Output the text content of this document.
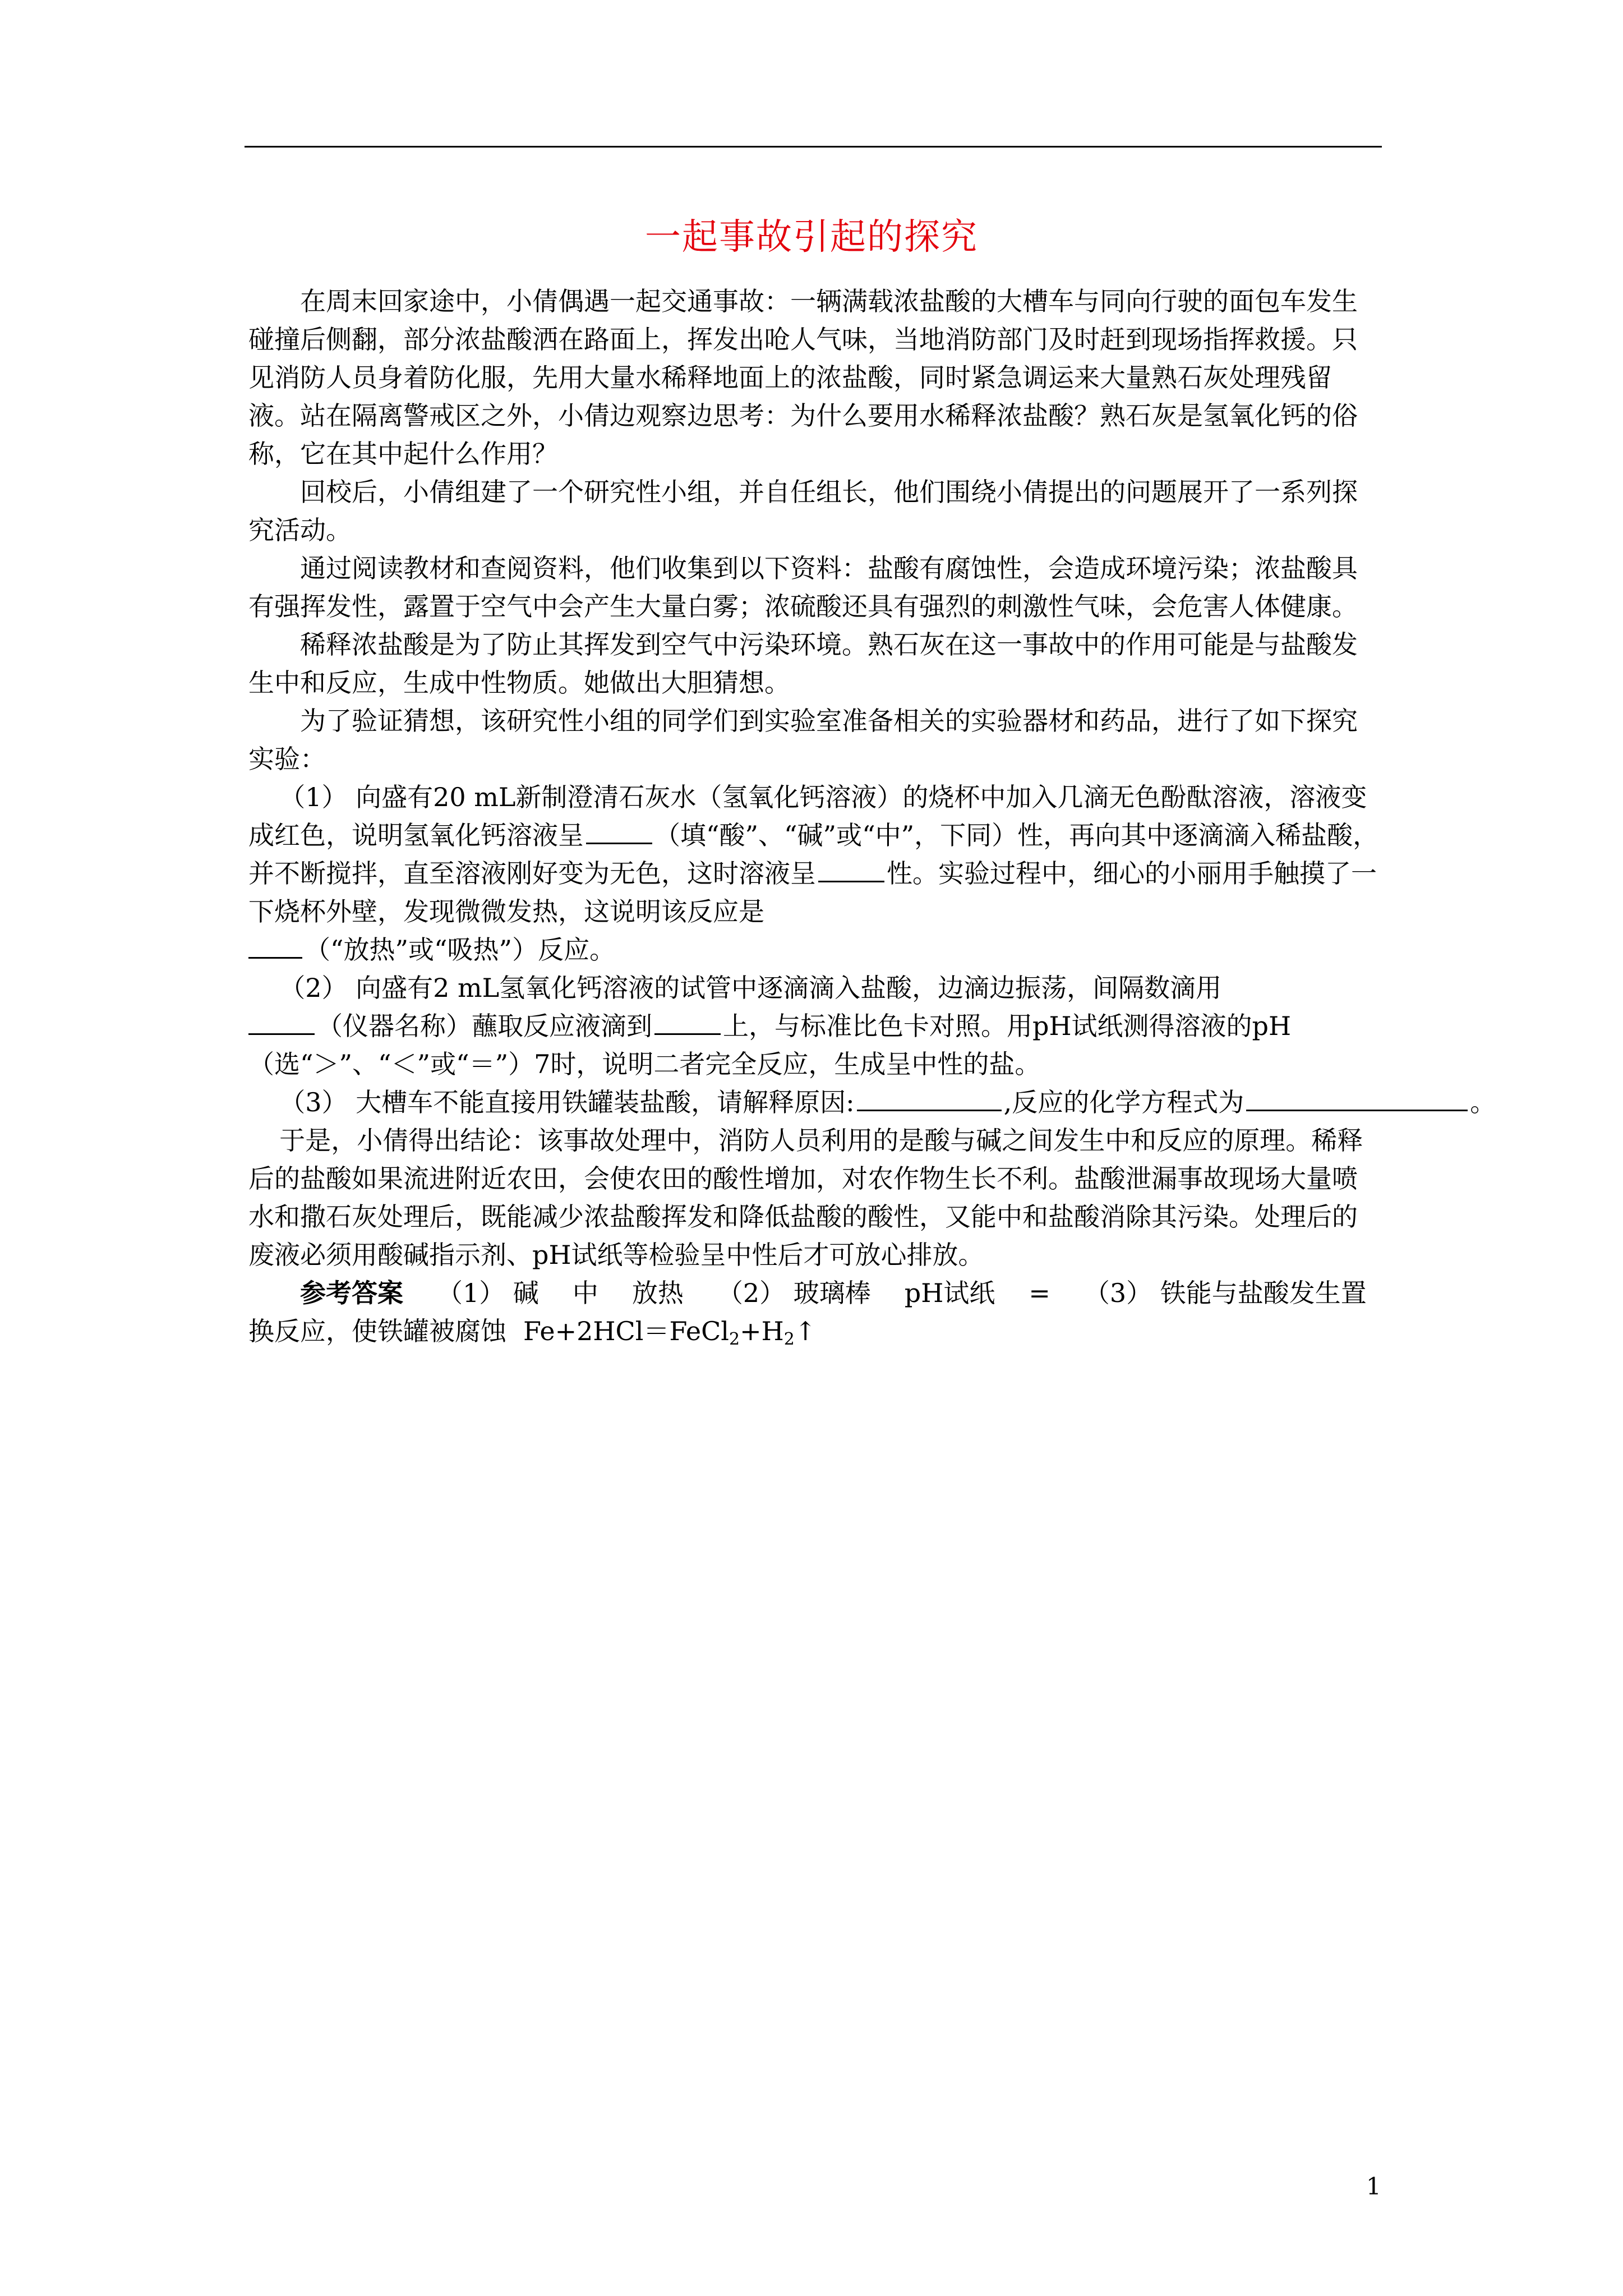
一起事故引起的探究

在周末回家途中，小倩偶遇一起交通事故：一辆满载浓盐酸的大槽车与同向行驶的面包车发生碰撞后侧翻，部分浓盐酸洒在路面上，挥发出呛人气味，当地消防部门及时赶到现场指挥救援。只见消防人员身着防化服，先用大量水稀释地面上的浓盐酸，同时紧急调运来大量熟石灰处理残留液。站在隔离警戒区之外，小倩边观察边思考：为什么要用水稀释浓盐酸？熟石灰是氢氧化钙的俗称，它在其中起什么作用？

回校后，小倩组建了一个研究性小组，并自任组长，他们围绕小倩提出的问题展开了一系列探究活动。

通过阅读教材和查阅资料，他们收集到以下资料：盐酸有腐蚀性，会造成环境污染；浓盐酸具有强挥发性，露置于空气中会产生大量白雾；浓硫酸还具有强烈的刺激性气味，会危害人体健康。

稀释浓盐酸是为了防止其挥发到空气中污染环境。熟石灰在这一事故中的作用可能是与盐酸发生中和反应，生成中性物质。她做出大胆猜想。

为了验证猜想，该研究性小组的同学们到实验室准备相关的实验器材和药品，进行了如下探究实验：

（1） 向盛有20 mL新制澄清石灰水（氢氧化钙溶液）的烧杯中加入几滴无色酚酞溶液，溶液变成红色，说明氢氧化钙溶液呈	（填“酸”、“碱”或“中”，下同）性，再向其中逐滴滴入稀盐酸，并不断搅拌，直至溶液刚好变为无色，这时溶液呈	性。实验过程中，细心的小丽用手触摸了一下烧杯外壁，发现微微发热，这说明该反应是
（“放热”或“吸热”）反应。

（2） 向盛有2 mL氢氧化钙溶液的试管中逐滴滴入盐酸，边滴边振荡，间隔数滴用
（仪器名称）蘸取反应液滴到	上，与标准比色卡对照。用pH试纸测得溶液的pH（选“＞”、“＜”或“＝”）7时，说明二者完全反应，生成呈中性的盐。

（3） 大槽车不能直接用铁罐装盐酸，请解释原因:	,反应的化学方程式为	。

于是，小倩得出结论：该事故处理中，消防人员利用的是酸与碱之间发生中和反应的原理。稀释后的盐酸如果流进附近农田，会使农田的酸性增加，对农作物生长不利。盐酸泄漏事故现场大量喷水和撒石灰处理后，既能减少浓盐酸挥发和降低盐酸的酸性，又能中和盐酸消除其污染。处理后的废液必须用酸碱指示剂、pH试纸等检验呈中性后才可放心排放。

参考答案 （1） 碱 中 放热 （2） 玻璃棒 pH试纸 = （3） 铁能与盐酸发生置换反应，使铁罐被腐蚀 $Fe+2HCl=FeCl_2+H_2↑$

1
